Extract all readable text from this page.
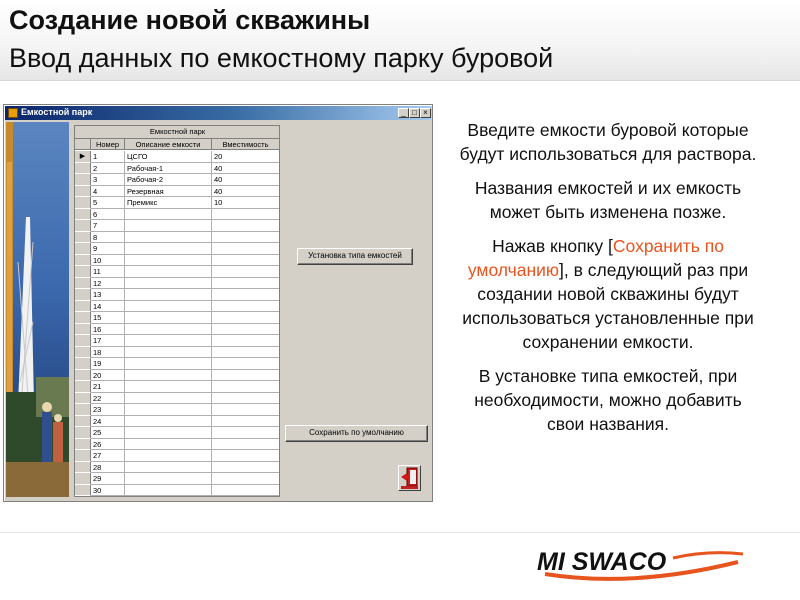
Создание новой скважины
Ввод данных по емкостному парку буровой
Емкостной парк	_ □ ×
Емкостной парк
Номер	Описание емкости	Вместимость
▶	1	ЦСГО	20
2	Рабочая-1	40
3	Рабочая-2	40
4	Резервная	40
5	Премикс	10
6
7
8
9
10
11
12
13
14
15
16
17
18
19
20
21
22
23
24
25
26
27
28
29
30
Установка типа емкостей
Сохранить по умолчанию

Введите емкости буровой которые будут использоваться для раствора.

Названия емкостей и их емкость может быть изменена позже.

Нажав кнопку [Сохранить по умолчанию], в следующий раз при создании новой скважины будут использоваться установленные при сохранении емкости.

В установке типа емкостей, при необходимости, можно добавить свои названия.

MI SWACO
